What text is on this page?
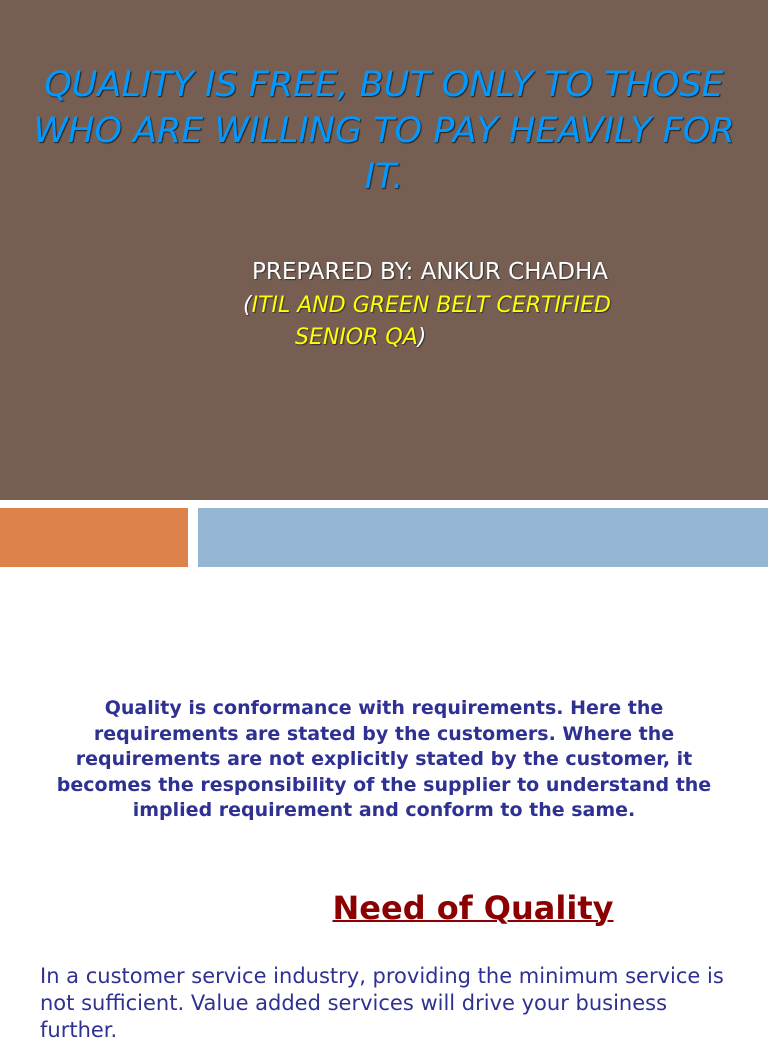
QUALITY IS FREE, BUT ONLY TO THOSE WHO ARE WILLING TO PAY HEAVILY FOR IT.
PREPARED BY: ANKUR CHADHA
(ITIL AND GREEN BELT CERTIFIED
SENIOR QA)
Quality is conformance with requirements. Here the requirements are stated by the customers. Where the requirements are not explicitly stated by the customer, it becomes the responsibility of the supplier to understand the implied requirement and conform to the same.
Need of Quality
In a customer service industry, providing the minimum service is not sufficient. Value added services will drive your business further.
